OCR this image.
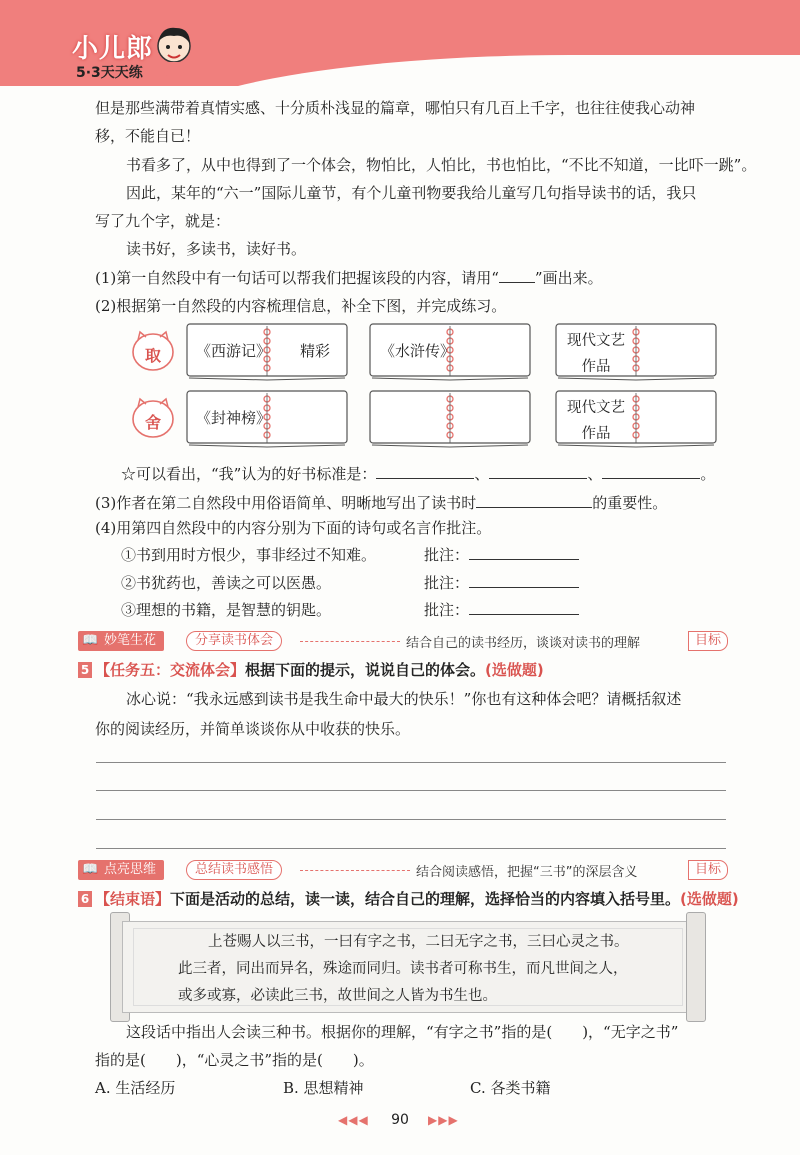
小儿郎
5·3天天练

但是那些满带着真情实感、十分质朴浅显的篇章，哪怕只有几百上千字，也往往使我心动神

移，不能自已！

书看多了，从中也得到了一个体会，物怕比，人怕比，书也怕比，“不比不知道，一比吓一跳”。

因此，某年的“六一”国际儿童节，有个儿童刊物要我给儿童写几句指导读书的话，我只

写了九个字，就是：

读书好，多读书，读好书。

(1)第一自然段中有一句话可以帮我们把握该段的内容，请用“ ”画出来。

(2)根据第一自然段的内容梳理信息，补全下图，并完成练习。

取
舍
《西游记》 精彩	《水浒传》
现代文艺
作品
《封神榜》
现代文艺
作品

☆可以看出，“我”认为的好书标准是：	、	、	。

(3)作者在第二自然段中用俗语简单、明晰地写出了读书时	的重要性。

(4)用第四自然段中的内容分别为下面的诗句或名言作批注。

①书到用时方恨少，事非经过不知难。	批注：

②书犹药也，善读之可以医愚。	批注：

③理想的书籍，是智慧的钥匙。	批注：

妙笔生花
📖	分享读书体会	结合自己的读书经历，谈谈对读书的理解	目标

5 【任务五：交流体会】根据下面的提示，说说自己的体会。(选做题)

冰心说：“我永远感到读书是我生命中最大的快乐！”你也有这种体会吧？请概括叙述

你的阅读经历，并简单谈谈你从中收获的快乐。

点亮思维
📖	总结读书感悟	结合阅读感悟，把握“三书”的深层含义	目标

6 【结束语】下面是活动的总结，读一读，结合自己的理解，选择恰当的内容填入括号里。(选做题)

上苍赐人以三书，一曰有字之书，二曰无字之书，三曰心灵之书。
此三者，同出而异名，殊途而同归。读书者可称书生，而凡世间之人，
或多或寡，必读此三书，故世间之人皆为书生也。

这段话中指出人会读三种书。根据你的理解，“有字之书”指的是(　　)，“无字之书”

指的是(　　)，“心灵之书”指的是(　　)。

A. 生活经历	B. 思想精神	C. 各类书籍
◀◀◀	90	▶▶▶
